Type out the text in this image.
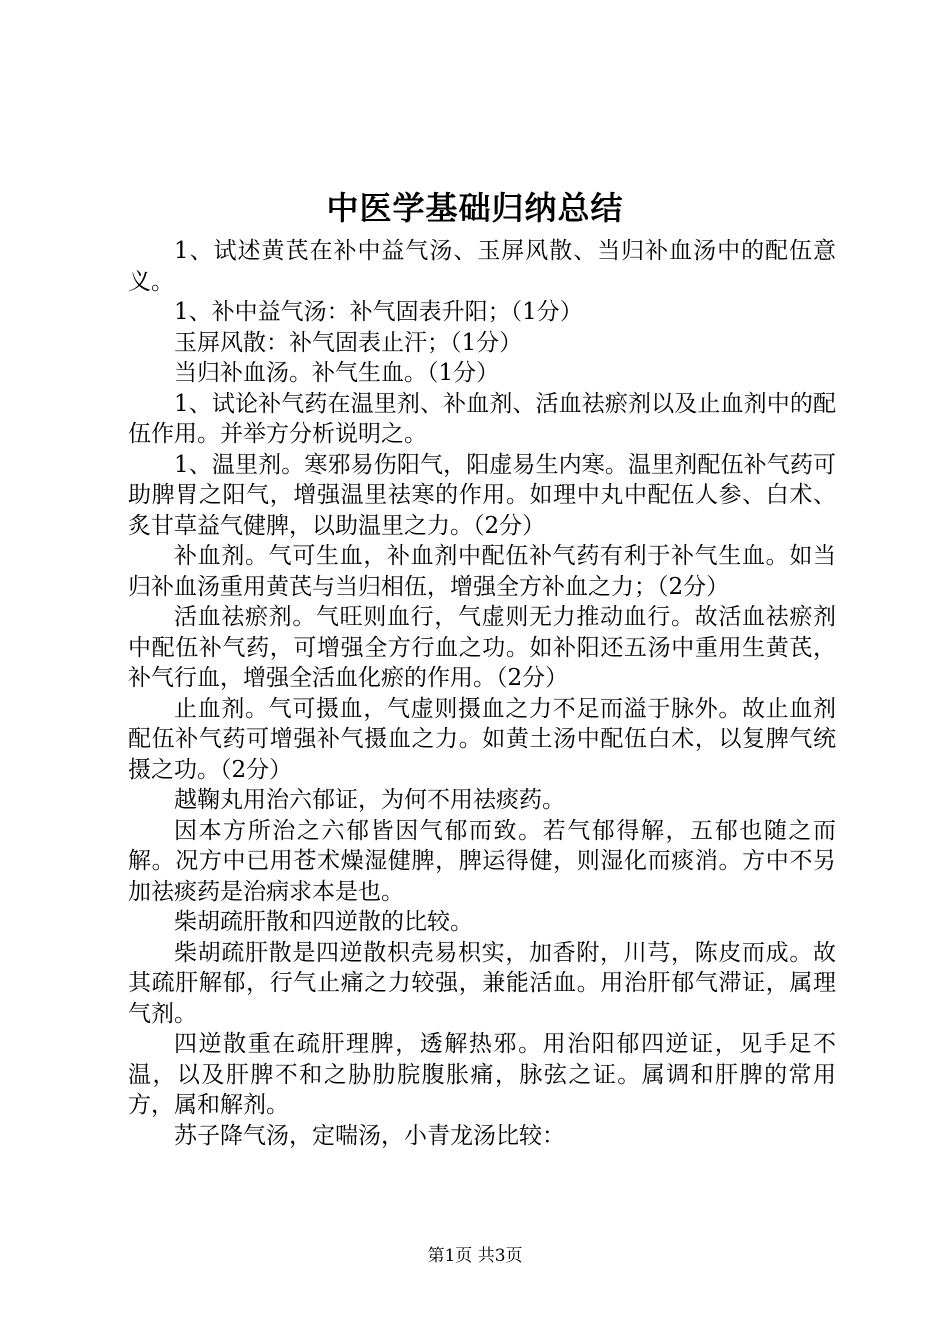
中医学基础归纳总结

1、试述黄芪在补中益气汤、玉屏风散、当归补血汤中的配伍意义。

1、补中益气汤：补气固表升阳；（1分）

玉屏风散：补气固表止汗；（1分）

当归补血汤。补气生血。（1分）

1、试论补气药在温里剂、补血剂、活血祛瘀剂以及止血剂中的配伍作用。并举方分析说明之。

1、温里剂。寒邪易伤阳气，阳虚易生内寒。温里剂配伍补气药可助脾胃之阳气，增强温里祛寒的作用。如理中丸中配伍人参、白术、炙甘草益气健脾，以助温里之力。（2分）

补血剂。气可生血，补血剂中配伍补气药有利于补气生血。如当归补血汤重用黄芪与当归相伍，增强全方补血之力；（2分）

活血祛瘀剂。气旺则血行，气虚则无力推动血行。故活血祛瘀剂中配伍补气药，可增强全方行血之功。如补阳还五汤中重用生黄芪，补气行血，增强全活血化瘀的作用。（2分）

止血剂。气可摄血，气虚则摄血之力不足而溢于脉外。故止血剂配伍补气药可增强补气摄血之力。如黄土汤中配伍白术，以复脾气统摄之功。（2分）

越鞠丸用治六郁证，为何不用祛痰药。

因本方所治之六郁皆因气郁而致。若气郁得解，五郁也随之而解。况方中已用苍术燥湿健脾，脾运得健，则湿化而痰消。方中不另加祛痰药是治病求本是也。

柴胡疏肝散和四逆散的比较。

柴胡疏肝散是四逆散枳壳易枳实，加香附，川芎，陈皮而成。故其疏肝解郁，行气止痛之力较强，兼能活血。用治肝郁气滞证，属理气剂。

四逆散重在疏肝理脾，透解热邪。用治阳郁四逆证，见手足不温，以及肝脾不和之胁肋脘腹胀痛，脉弦之证。属调和肝脾的常用方，属和解剂。

苏子降气汤，定喘汤，小青龙汤比较：

第1页 共3页
